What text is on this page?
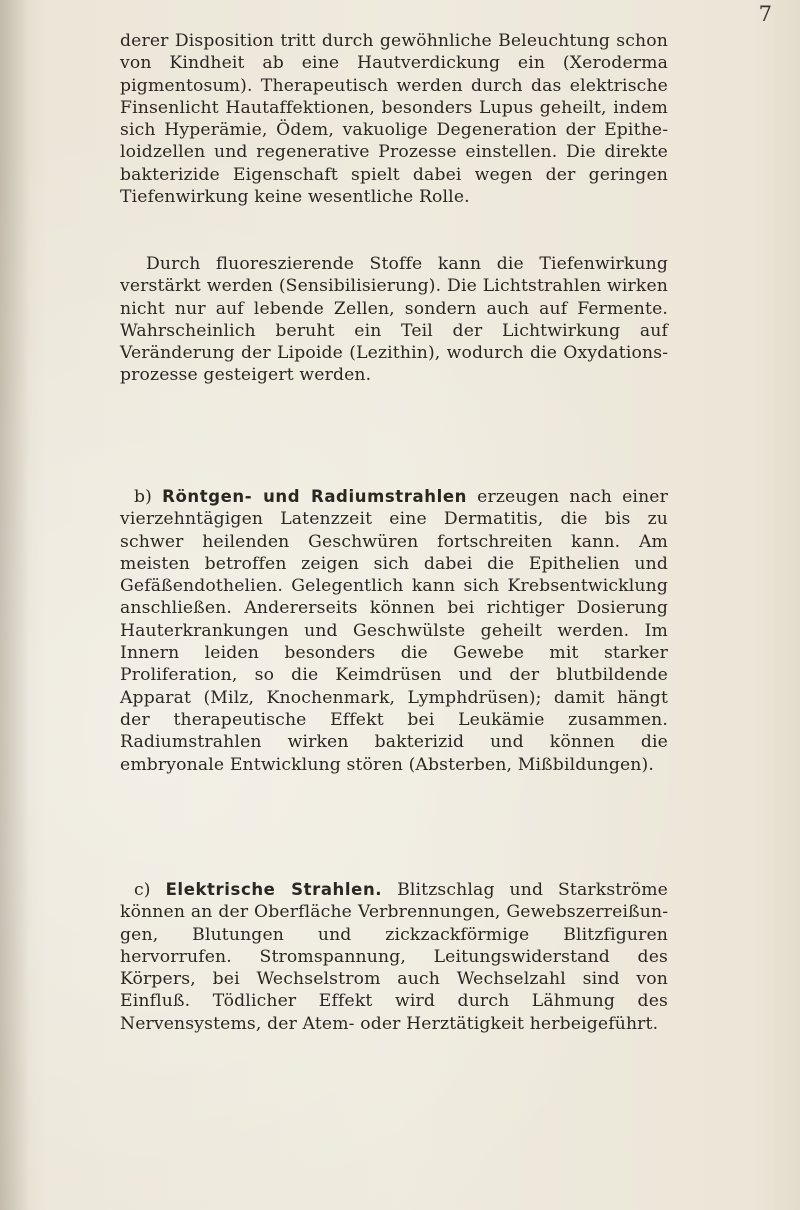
7

derer Disposition tritt durch gewöhnliche Beleuchtung schon von Kindheit ab eine Hautverdickung ein (Xeroderma pigmentosum). Therapeutisch werden durch das elektrische Finsenlicht Hautaffektionen, besonders Lupus geheilt, indem sich Hyperämie, Ödem, vakuolige Degeneration der Epitheloidzellen und regenerative Prozesse einstellen. Die direkte bakterizide Eigenschaft spielt dabei wegen der geringen Tiefenwirkung keine wesentliche Rolle.

Durch fluoreszierende Stoffe kann die Tiefenwirkung verstärkt werden (Sensibilisierung). Die Lichtstrahlen wirken nicht nur auf lebende Zellen, sondern auch auf Fermente. Wahrscheinlich beruht ein Teil der Lichtwirkung auf Veränderung der Lipoide (Lezithin), wodurch die Oxydationsprozesse gesteigert werden.

b) Röntgen- und Radiumstrahlen erzeugen nach einer vierzehntägigen Latenzzeit eine Dermatitis, die bis zu schwer heilenden Geschwüren fortschreiten kann. Am meisten betroffen zeigen sich dabei die Epithelien und Gefäßendothelien. Gelegentlich kann sich Krebsentwicklung anschließen. Andererseits können bei richtiger Dosierung Hauterkrankungen und Geschwülste geheilt werden. Im Innern leiden besonders die Gewebe mit starker Proliferation, so die Keimdrüsen und der blutbildende Apparat (Milz, Knochenmark, Lymphdrüsen); damit hängt der therapeutische Effekt bei Leukämie zusammen. Radiumstrahlen wirken bakterizid und können die embryonale Entwicklung stören (Absterben, Mißbildungen).

c) Elektrische Strahlen. Blitzschlag und Starkströme können an der Oberfläche Verbrennungen, Gewebszerreißungen, Blutungen und zickzackförmige Blitzfiguren hervorrufen. Stromspannung, Leitungswiderstand des Körpers, bei Wechselstrom auch Wechselzahl sind von Einfluß. Tödlicher Effekt wird durch Lähmung des Nervensystems, der Atem- oder Herztätigkeit herbeigeführt.
